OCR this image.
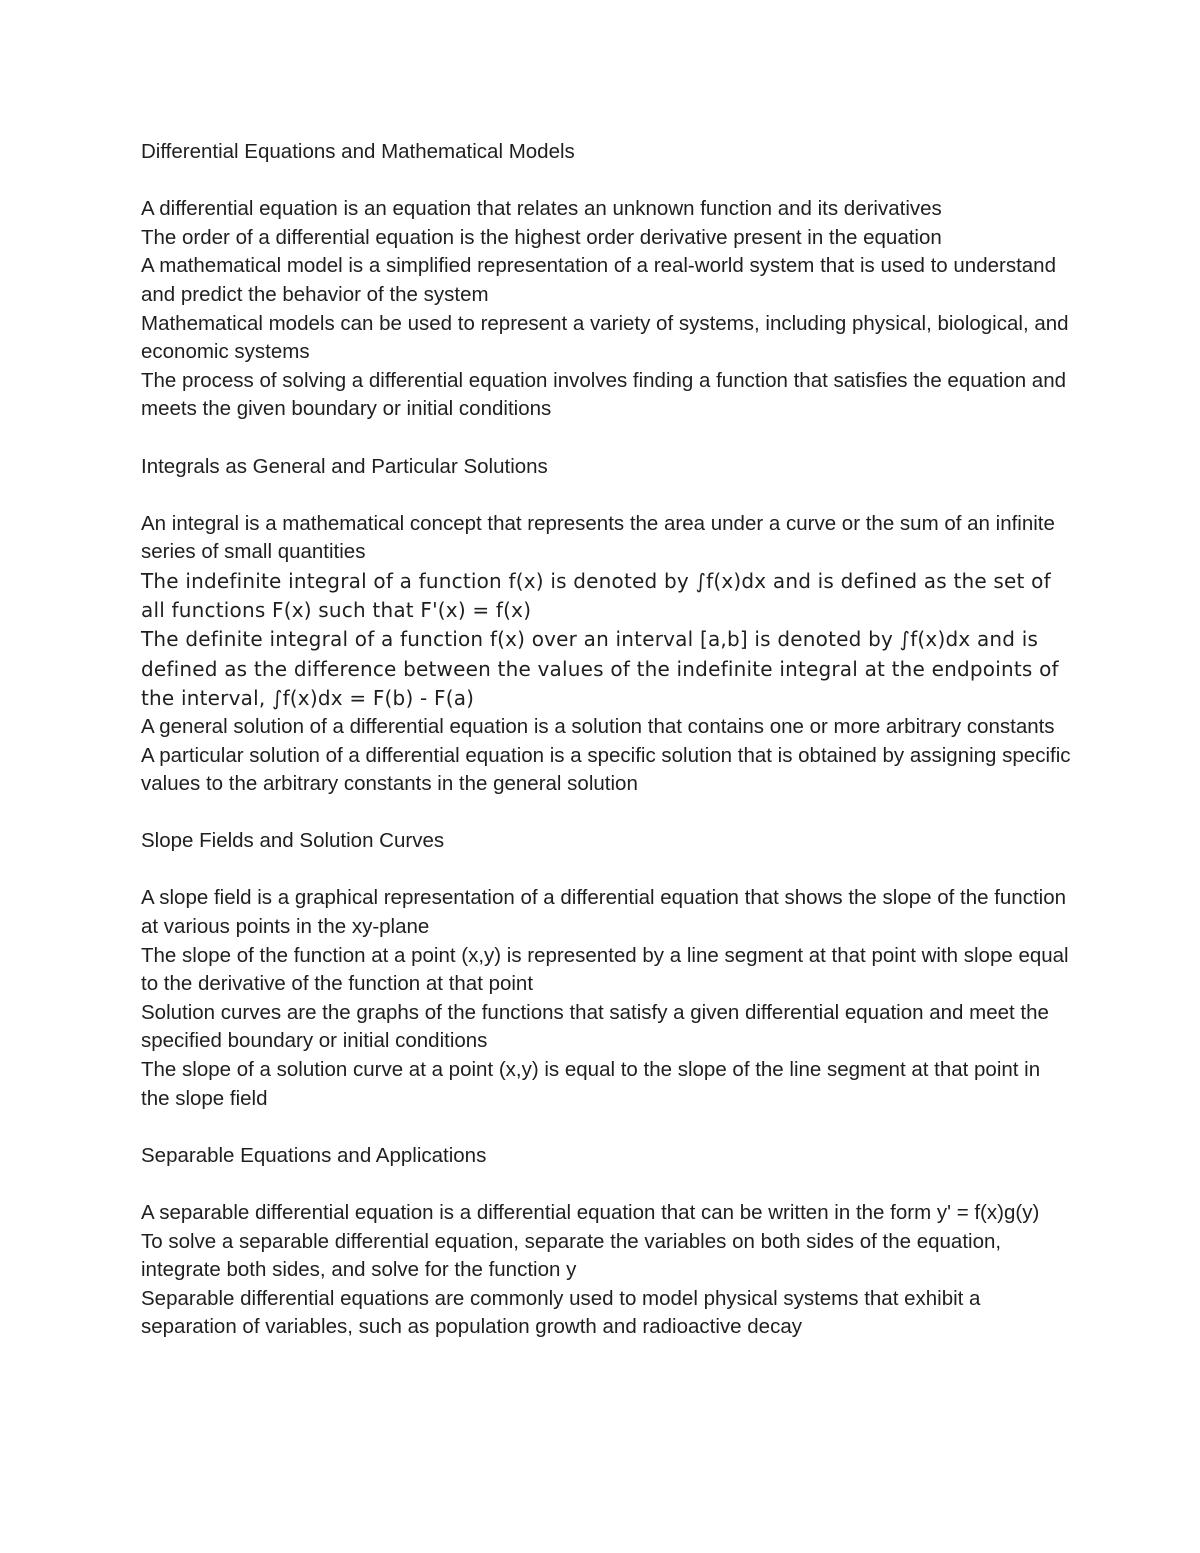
Differential Equations and Mathematical Models

A differential equation is an equation that relates an unknown function and its derivatives

The order of a differential equation is the highest order derivative present in the equation

A mathematical model is a simplified representation of a real-world system that is used to understand and predict the behavior of the system

Mathematical models can be used to represent a variety of systems, including physical, biological, and economic systems

The process of solving a differential equation involves finding a function that satisfies the equation and meets the given boundary or initial conditions

Integrals as General and Particular Solutions

An integral is a mathematical concept that represents the area under a curve or the sum of an infinite series of small quantities

The indefinite integral of a function f(x) is denoted by ∫f(x)dx and is defined as the set of all functions F(x) such that F'(x) = f(x)

The definite integral of a function f(x) over an interval [a,b] is denoted by ∫f(x)dx and is defined as the difference between the values of the indefinite integral at the endpoints of the interval, ∫f(x)dx = F(b) - F(a)

A general solution of a differential equation is a solution that contains one or more arbitrary constants

A particular solution of a differential equation is a specific solution that is obtained by assigning specific values to the arbitrary constants in the general solution

Slope Fields and Solution Curves

A slope field is a graphical representation of a differential equation that shows the slope of the function at various points in the xy-plane

The slope of the function at a point (x,y) is represented by a line segment at that point with slope equal to the derivative of the function at that point

Solution curves are the graphs of the functions that satisfy a given differential equation and meet the specified boundary or initial conditions

The slope of a solution curve at a point (x,y) is equal to the slope of the line segment at that point in the slope field

Separable Equations and Applications

A separable differential equation is a differential equation that can be written in the form y' = f(x)g(y)

To solve a separable differential equation, separate the variables on both sides of the equation, integrate both sides, and solve for the function y

Separable differential equations are commonly used to model physical systems that exhibit a separation of variables, such as population growth and radioactive decay
